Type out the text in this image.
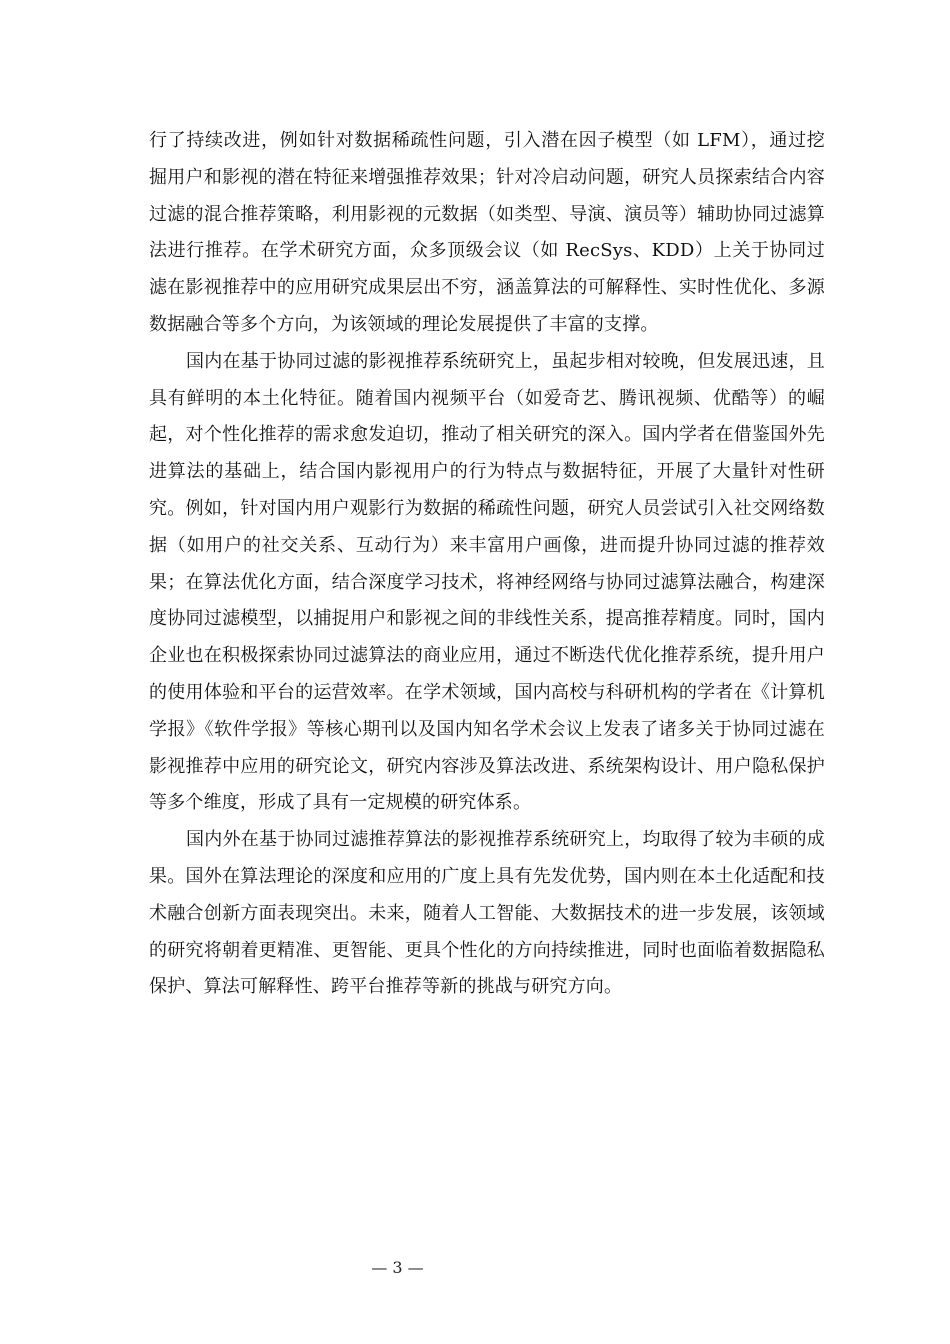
行了持续改进，例如针对数据稀疏性问题，引入潜在因子模型（如 LFM），通过挖掘用户和影视的潜在特征来增强推荐效果；针对冷启动问题，研究人员探索结合内容过滤的混合推荐策略，利用影视的元数据（如类型、导演、演员等）辅助协同过滤算法进行推荐。在学术研究方面，众多顶级会议（如 RecSys、KDD）上关于协同过滤在影视推荐中的应用研究成果层出不穷，涵盖算法的可解释性、实时性优化、多源数据融合等多个方向，为该领域的理论发展提供了丰富的支撑。

国内在基于协同过滤的影视推荐系统研究上，虽起步相对较晚，但发展迅速，且具有鲜明的本土化特征。随着国内视频平台（如爱奇艺、腾讯视频、优酷等）的崛起，对个性化推荐的需求愈发迫切，推动了相关研究的深入。国内学者在借鉴国外先进算法的基础上，结合国内影视用户的行为特点与数据特征，开展了大量针对性研究。例如，针对国内用户观影行为数据的稀疏性问题，研究人员尝试引入社交网络数据（如用户的社交关系、互动行为）来丰富用户画像，进而提升协同过滤的推荐效果；在算法优化方面，结合深度学习技术，将神经网络与协同过滤算法融合，构建深度协同过滤模型，以捕捉用户和影视之间的非线性关系，提高推荐精度。同时，国内企业也在积极探索协同过滤算法的商业应用，通过不断迭代优化推荐系统，提升用户的使用体验和平台的运营效率。在学术领域，国内高校与科研机构的学者在《计算机学报》《软件学报》等核心期刊以及国内知名学术会议上发表了诸多关于协同过滤在影视推荐中应用的研究论文，研究内容涉及算法改进、系统架构设计、用户隐私保护等多个维度，形成了具有一定规模的研究体系。

国内外在基于协同过滤推荐算法的影视推荐系统研究上，均取得了较为丰硕的成果。国外在算法理论的深度和应用的广度上具有先发优势，国内则在本土化适配和技术融合创新方面表现突出。未来，随着人工智能、大数据技术的进一步发展，该领域的研究将朝着更精准、更智能、更具个性化的方向持续推进，同时也面临着数据隐私保护、算法可解释性、跨平台推荐等新的挑战与研究方向。

— 3 —
